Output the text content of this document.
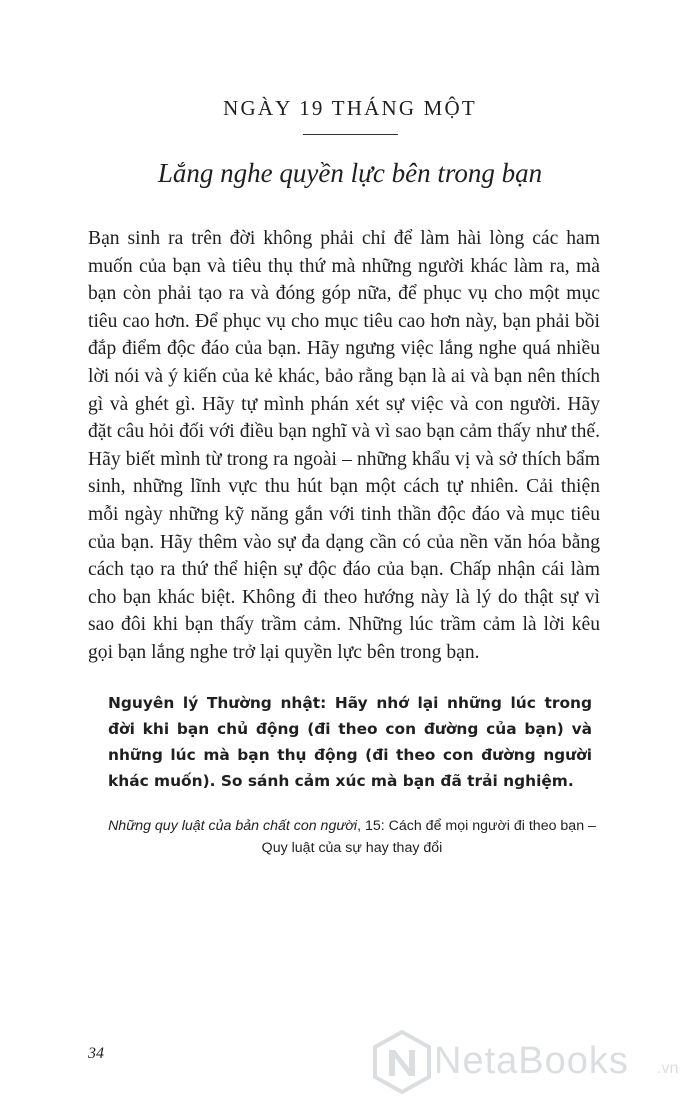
NGÀY 19 THÁNG MỘT
Lắng nghe quyền lực bên trong bạn
Bạn sinh ra trên đời không phải chỉ để làm hài lòng các ham muốn của bạn và tiêu thụ thứ mà những người khác làm ra, mà bạn còn phải tạo ra và đóng góp nữa, để phục vụ cho một mục tiêu cao hơn. Để phục vụ cho mục tiêu cao hơn này, bạn phải bồi đắp điểm độc đáo của bạn. Hãy ngưng việc lắng nghe quá nhiều lời nói và ý kiến của kẻ khác, bảo rằng bạn là ai và bạn nên thích gì và ghét gì. Hãy tự mình phán xét sự việc và con người. Hãy đặt câu hỏi đối với điều bạn nghĩ và vì sao bạn cảm thấy như thế. Hãy biết mình từ trong ra ngoài – những khẩu vị và sở thích bẩm sinh, những lĩnh vực thu hút bạn một cách tự nhiên. Cải thiện mỗi ngày những kỹ năng gắn với tinh thần độc đáo và mục tiêu của bạn. Hãy thêm vào sự đa dạng cần có của nền văn hóa bằng cách tạo ra thứ thể hiện sự độc đáo của bạn. Chấp nhận cái làm cho bạn khác biệt. Không đi theo hướng này là lý do thật sự vì sao đôi khi bạn thấy trầm cảm. Những lúc trầm cảm là lời kêu gọi bạn lắng nghe trở lại quyền lực bên trong bạn.
Nguyên lý Thường nhật: Hãy nhớ lại những lúc trong đời khi bạn chủ động (đi theo con đường của bạn) và những lúc mà bạn thụ động (đi theo con đường người khác muốn). So sánh cảm xúc mà bạn đã trải nghiệm.
Những quy luật của bản chất con người, 15: Cách để mọi người đi theo bạn –
Quy luật của sự hay thay đổi
34	NetaBooks .vn
